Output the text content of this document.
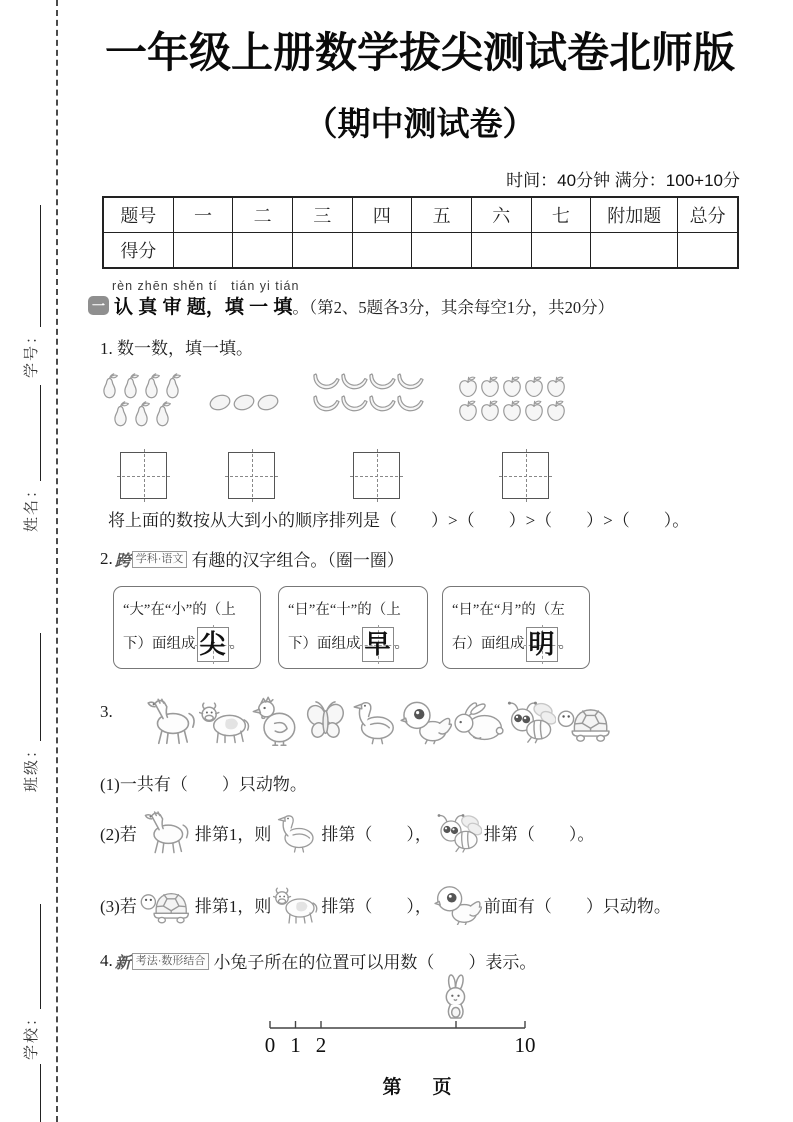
学号：
姓名：
班级：
学校：
一年级上册数学拔尖测试卷北师版
（期中测试卷）
时间：40分钟 满分：100+10分
题号	一	二	三	四	五	六	七	附加题	总分
得分									
rèn zhēn shěn tí　tián yi tián
一 认 真 审 题，填 一 填 。（第2、5题各3分，其余每空1分，共20分）
1. 数一数，填一填。
将上面的数按从大到小的顺序排列是（　　）>（　　）>（　　）>（　　）。
2. 跨 学科·语文 有趣的汉字组合。（圈一圈）
“大”在“小”的（上
下）面组成 尖 。
“日”在“十”的（上
下）面组成 早 。
“日”在“月”的（左
右）面组成 明 。
3.
(1)一共有（　　）只动物。
(2)若	排第1，则	排第（　　），	排第（　　）。
(3)若	排第1，则	排第（　　），	前面有（　　）只动物。
4. 新 考法·数形结合 小兔子所在的位置可以用数（　　）表示。
0 1 2	10
第　页
